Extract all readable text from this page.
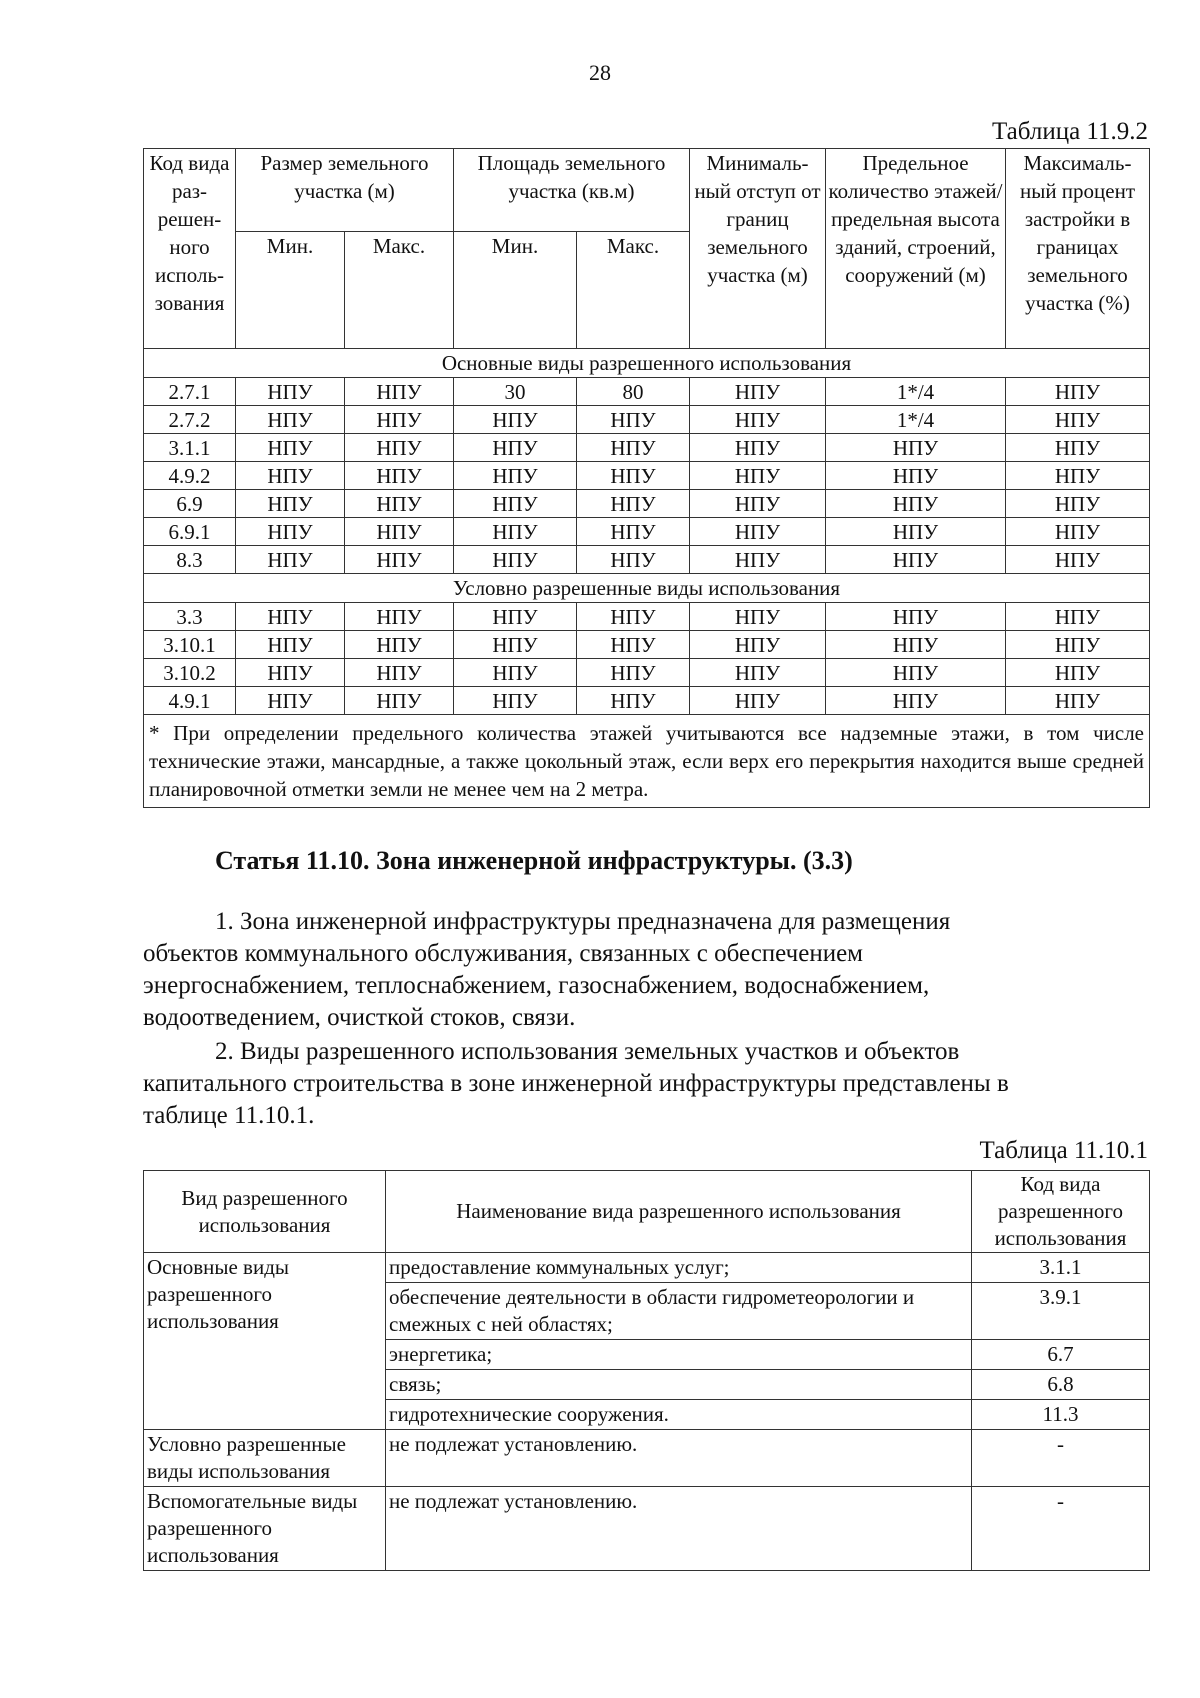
28
Таблица 11.9.2
Код вида раз-решен-ного исполь-зования	Размер земельного участка (м)		Площадь земельного участка (кв.м)		Минималь-ный отступ от границ земельного участка (м)	Предельное количество этажей/ предельная высота зданий, строений, сооружений (м)	Максималь-ный процент застройки в границах земельного участка (%)
	Мин.	Макс.	Мин.	Макс.			
Основные виды разрешенного использования							
2.7.1	НПУ	НПУ	30	80	НПУ	1*/4	НПУ
2.7.2	НПУ	НПУ	НПУ	НПУ	НПУ	1*/4	НПУ
3.1.1	НПУ	НПУ	НПУ	НПУ	НПУ	НПУ	НПУ
4.9.2	НПУ	НПУ	НПУ	НПУ	НПУ	НПУ	НПУ
6.9	НПУ	НПУ	НПУ	НПУ	НПУ	НПУ	НПУ
6.9.1	НПУ	НПУ	НПУ	НПУ	НПУ	НПУ	НПУ
8.3	НПУ	НПУ	НПУ	НПУ	НПУ	НПУ	НПУ
Условно разрешенные виды использования							
3.3	НПУ	НПУ	НПУ	НПУ	НПУ	НПУ	НПУ
3.10.1	НПУ	НПУ	НПУ	НПУ	НПУ	НПУ	НПУ
3.10.2	НПУ	НПУ	НПУ	НПУ	НПУ	НПУ	НПУ
4.9.1	НПУ	НПУ	НПУ	НПУ	НПУ	НПУ	НПУ
* При определении предельного количества этажей учитываются все надземные этажи, в том числе технические этажи, мансардные, а также цокольный этаж, если верх его перекрытия находится выше средней планировочной отметки земли не менее чем на 2 метра.							
Статья 11.10. Зона инженерной инфраструктуры. (3.3)
1. Зона инженерной инфраструктуры предназначена для размещения
объектов коммунального обслуживания, связанных с обеспечением
энергоснабжением, теплоснабжением, газоснабжением, водоснабжением,
водоотведением, очисткой стоков, связи.
2. Виды разрешенного использования земельных участков и объектов
капитального строительства в зоне инженерной инфраструктуры представлены в
таблице 11.10.1.
Таблица 11.10.1
Вид разрешенного использования	Наименование вида разрешенного использования	Код вида разрешенного использования
Основные виды разрешенного использования	предоставление коммунальных услуг;	3.1.1
	обеспечение деятельности в области гидрометеорологии и смежных с ней областях;	3.9.1
	энергетика;	6.7
	связь;	6.8
	гидротехнические сооружения.	11.3
Условно разрешенные виды использования	не подлежат установлению.	-
Вспомогательные виды разрешенного использования	не подлежат установлению.	-
